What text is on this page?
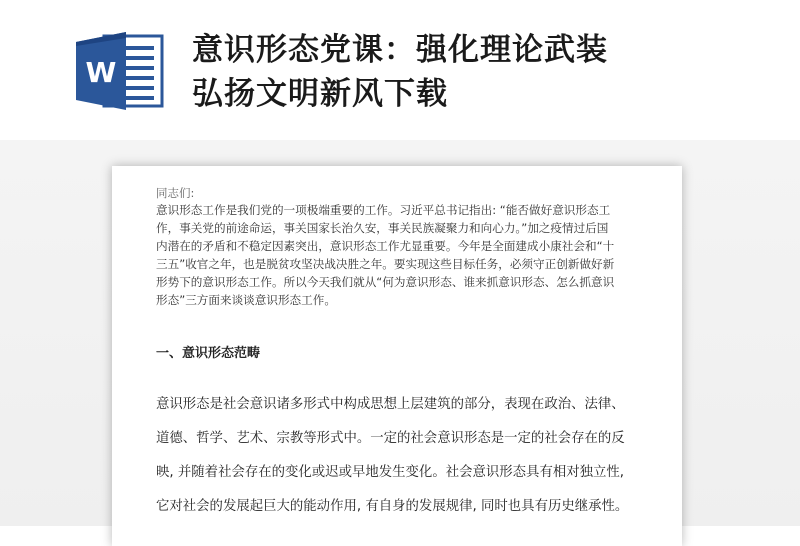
W
意识形态党课：强化理论武装
弘扬文明新风下载
同志们:
意识形态工作是我们党的一项极端重要的工作。习近平总书记指出: “能否做好意识形态工
作，事关党的前途命运，事关国家长治久安，事关民族凝聚力和向心力。”加之疫情过后国
内潜在的矛盾和不稳定因素突出，意识形态工作尤显重要。今年是全面建成小康社会和“十
三五”收官之年，也是脱贫攻坚决战决胜之年。要实现这些目标任务，必须守正创新做好新
形势下的意识形态工作。所以今天我们就从“何为意识形态、谁来抓意识形态、怎么抓意识
形态”三方面来谈谈意识形态工作。
一、意识形态范畴
意识形态是社会意识诸多形式中构成思想上层建筑的部分，表现在政治、法律、
道德、哲学、艺术、宗教等形式中。一定的社会意识形态是一定的社会存在的反
映, 并随着社会存在的变化或迟或早地发生变化。社会意识形态具有相对独立性,
它对社会的发展起巨大的能动作用, 有自身的发展规律, 同时也具有历史继承性。
